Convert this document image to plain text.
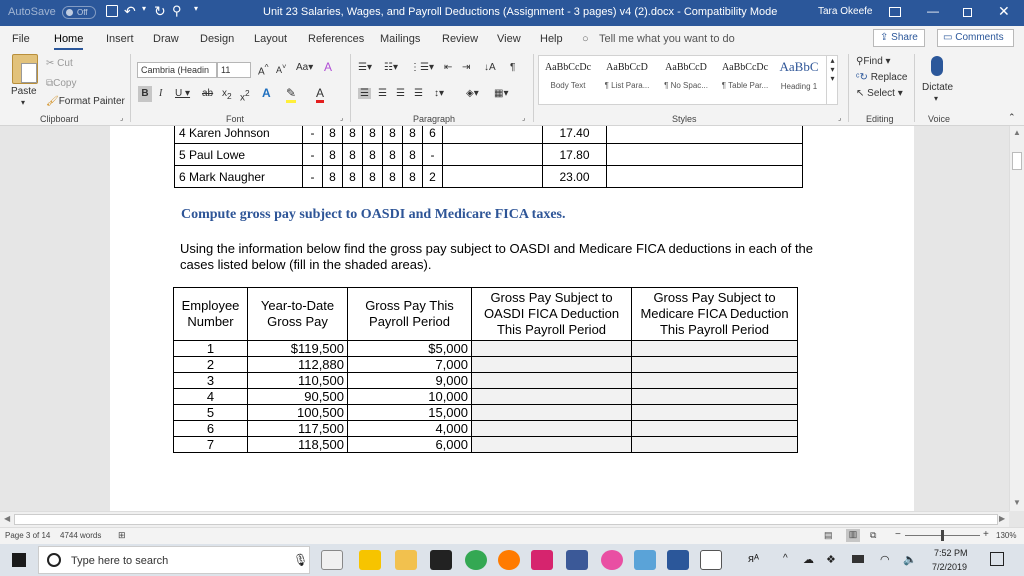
AutoSave	Off	↶ ▾ ↻ ⚲ ▾	Unit 23 Salaries, Wages, and Payroll Deductions (Assignment - 3 pages) v4 (2).docx - Compatibility Mode	Tara Okeefe	—	✕
File Home Insert Draw Design Layout References Mailings Review View Help ○ Tell me what you want to do	⇪ Share	▭ Comments
Paste
▾
✂ Cut
⧉Copy
🖌Format Painter
Clipboard	⌟
Cambria (Headin	11	A^ A˅ Aa▾ A
B	I U ▾ ab $x_2$ $x^2$ A ✎ A
Font	⌟
☰▾ ☷▾ ⋮☰▾ ⇤ ⇥ ↓A ¶
☰ ☰ ☰ ☰ ↕▾ ◈▾ ▦▾
Paragraph	⌟
AaBbCcDc
Body Text
AaBbCcD
¶ List Para...
AaBbCcD
¶ No Spac...
AaBbCcDc
¶ Table Par...
AaBbC
Heading 1
▴
▾
▾
Styles	⌟
⚲Find ▾
ᶜ↻ Replace
↖ Select ▾
Editing
Dictate
▾
Voice	⌃
4 Karen Johnson	-	8	8	8	8	8	6		17.40	
5 Paul Lowe	-	8	8	8	8	8	-		17.80	
6 Mark Naugher	-	8	8	8	8	8	2		23.00	
Compute gross pay subject to OASDI and Medicare FICA taxes.
Using the information below find the gross pay subject to OASDI and Medicare FICA deductions in each of the cases listed below (fill in the shaded areas).
Employee Number	Year-to-Date Gross Pay	Gross Pay This Payroll Period	Gross Pay Subject to OASDI FICA Deduction This Payroll Period	Gross Pay Subject to Medicare FICA Deduction This Payroll Period
1	$119,500	$5,000		
2	112,880	7,000		
3	110,500	9,000		
4	90,500	10,000		
5	100,500	15,000		
6	117,500	4,000		
7	118,500	6,000		
▲
▼
◀	▶
Page 3 of 14 4744 words ⊞	▤	▥	⧉ −	+ 130%
Type here to search	🎙	ᴙᴬ ^ ☁ ❖	◠ 🔈
7:52 PM
7/2/2019
